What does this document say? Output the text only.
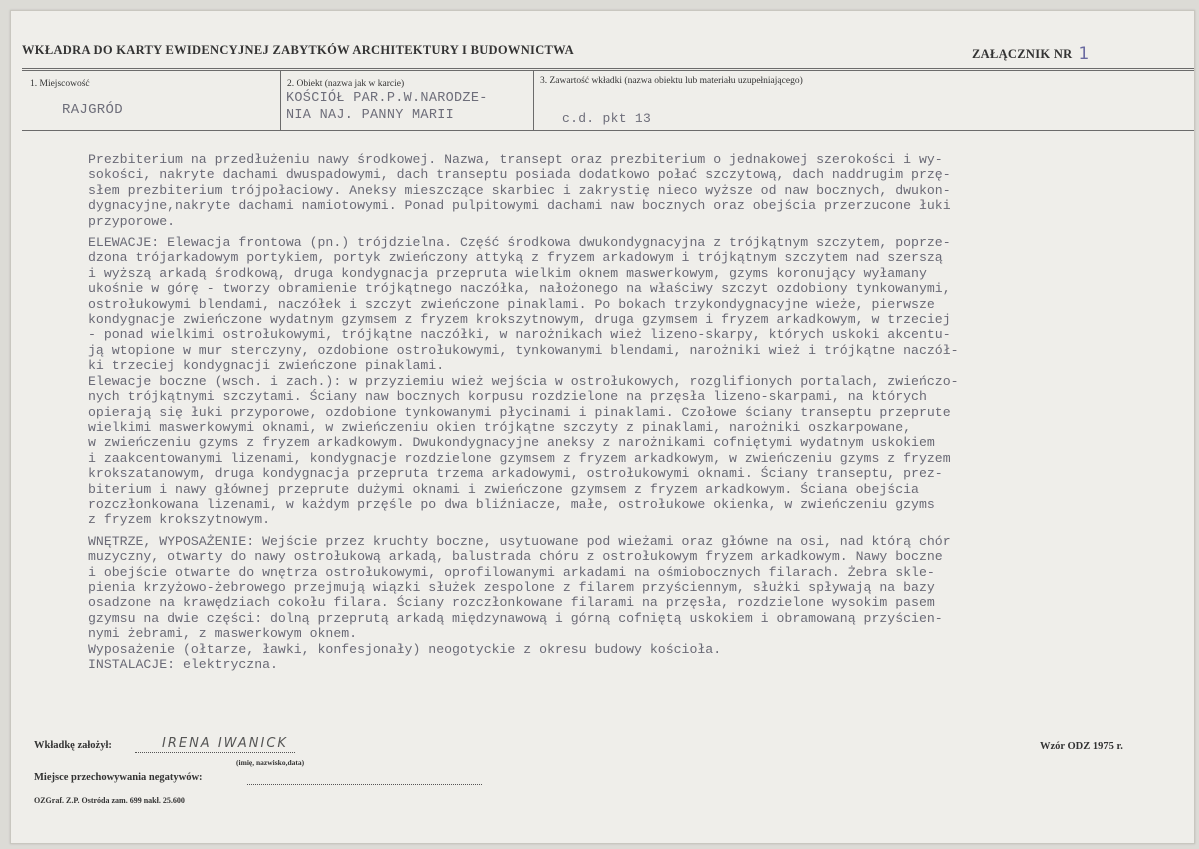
WKŁADRA DO KARTY EWIDENCYJNEJ ZABYTKÓW ARCHITEKTURY I BUDOWNICTWA	ZAŁĄCZNIK NR 1
1. Miejscowość
RAJGRÓD
2. Obiekt (nazwa jak w karcie)
KOŚCIÓŁ PAR.P.W.NARODZE-
NIA NAJ. PANNY MARII
3. Zawartość wkładki (nazwa obiektu lub materiału uzupełniającego)
c.d. pkt 13

Prezbiterium na przedłużeniu nawy środkowej. Nazwa, transept oraz prezbiterium o jednakowej szerokości i wy-
sokości, nakryte dachami dwuspadowymi, dach transeptu posiada dodatkowo połać szczytową, dach naddrugim przę-
słem prezbiterium trójpołaciowy. Aneksy mieszczące skarbiec i zakrystię nieco wyższe od naw bocznych, dwukon-
dygnacyjne,nakryte dachami namiotowymi. Ponad pulpitowymi dachami naw bocznych oraz obejścia przerzucone łuki
przyporowe.

ELEWACJE: Elewacja frontowa (pn.) trójdzielna. Część środkowa dwukondygnacyjna z trójkątnym szczytem, poprze-
dzona trójarkadowym portykiem, portyk zwieńczony attyką z fryzem arkadowym i trójkątnym szczytem nad szerszą
i wyższą arkadą środkową, druga kondygnacja przepruta wielkim oknem maswerkowym, gzyms koronujący wyłamany
ukośnie w górę - tworzy obramienie trójkątnego naczółka, nałożonego na właściwy szczyt ozdobiony tynkowanymi,
ostrołukowymi blendami, naczółek i szczyt zwieńczone pinaklami. Po bokach trzykondygnacyjne wieże, pierwsze
kondygnacje zwieńczone wydatnym gzymsem z fryzem krokszytnowym, druga gzymsem i fryzem arkadkowym, w trzeciej
- ponad wielkimi ostrołukowymi, trójkątne naczółki, w narożnikach wież lizeno-skarpy, których uskoki akcentu-
ją wtopione w mur sterczyny, ozdobione ostrołukowymi, tynkowanymi blendami, narożniki wież i trójkątne naczół-
ki trzeciej kondygnacji zwieńczone pinaklami.
Elewacje boczne (wsch. i zach.): w przyziemiu wież wejścia w ostrołukowych, rozglifionych portalach, zwieńczo-
nych trójkątnymi szczytami. Ściany naw bocznych korpusu rozdzielone na przęsła lizeno-skarpami, na których
opierają się łuki przyporowe, ozdobione tynkowanymi płycinami i pinaklami. Czołowe ściany transeptu przeprute
wielkimi maswerkowymi oknami, w zwieńczeniu okien trójkątne szczyty z pinaklami, narożniki oszkarpowane,
w zwieńczeniu gzyms z fryzem arkadkowym. Dwukondygnacyjne aneksy z narożnikami cofniętymi wydatnym uskokiem
i zaakcentowanymi lizenami, kondygnacje rozdzielone gzymsem z fryzem arkadkowym, w zwieńczeniu gzyms z fryzem
krokszatanowym, druga kondygnacja przepruta trzema arkadowymi, ostrołukowymi oknami. Ściany transeptu, prez-
biterium i nawy głównej przeprute dużymi oknami i zwieńczone gzymsem z fryzem arkadkowym. Ściana obejścia
rozczłonkowana lizenami, w każdym przęśle po dwa bliźniacze, małe, ostrołukowe okienka, w zwieńczeniu gzyms
z fryzem krokszytnowym.

WNĘTRZE, WYPOSAŻENIE: Wejście przez kruchty boczne, usytuowane pod wieżami oraz główne na osi, nad którą chór
muzyczny, otwarty do nawy ostrołukową arkadą, balustrada chóru z ostrołukowym fryzem arkadkowym. Nawy boczne
i obejście otwarte do wnętrza ostrołukowymi, oprofilowanymi arkadami na ośmiobocznych filarach. Żebra skle-
pienia krzyżowo-żebrowego przejmują wiązki służek zespolone z filarem przyściennym, służki spływają na bazy
osadzone na krawędziach cokołu filara. Ściany rozczłonkowane filarami na przęsła, rozdzielone wysokim pasem
gzymsu na dwie części: dolną przeprutą arkadą międzynawową i górną cofniętą uskokiem i obramowaną przyścien-
nymi żebrami, z maswerkowym oknem.
Wyposażenie (ołtarze, ławki, konfesjonały) neogotyckie z okresu budowy kościoła.

INSTALACJE: elektryczna.

Wkładkę założył:	IRENA IWANICK
(imię, nazwisko,data)
Wzór ODZ 1975 r.
Miejsce przechowywania negatywów:
OZGraf. Z.P. Ostróda zam. 699 nakł. 25.600
